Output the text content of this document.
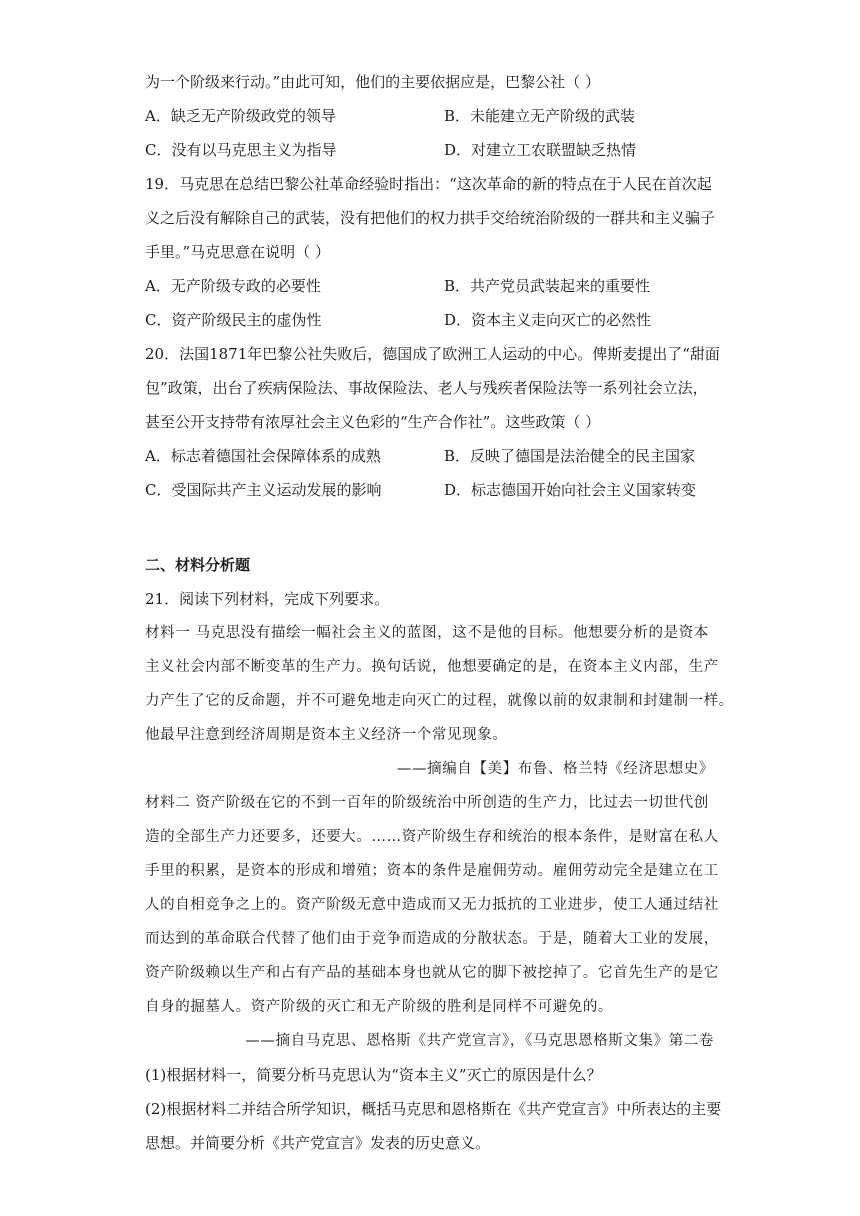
为一个阶级来行动。”由此可知，他们的主要依据应是，巴黎公社（ ）
A．缺乏无产阶级政党的领导	B．未能建立无产阶级的武装
C．没有以马克思主义为指导	D．对建立工农联盟缺乏热情
19．马克思在总结巴黎公社革命经验时指出：“这次革命的新的特点在于人民在首次起
义之后没有解除自己的武装，没有把他们的权力拱手交给统治阶级的一群共和主义骗子
手里。”马克思意在说明（ ）
A．无产阶级专政的必要性	B．共产党员武装起来的重要性
C．资产阶级民主的虚伪性	D．资本主义走向灭亡的必然性
20．法国1871年巴黎公社失败后，德国成了欧洲工人运动的中心。俾斯麦提出了“甜面
包”政策，出台了疾病保险法、事故保险法、老人与残疾者保险法等一系列社会立法，
甚至公开支持带有浓厚社会主义色彩的“生产合作社”。这些政策（ ）
A．标志着德国社会保障体系的成熟	B．反映了德国是法治健全的民主国家
C．受国际共产主义运动发展的影响	D．标志德国开始向社会主义国家转变
二、材料分析题
21．阅读下列材料，完成下列要求。
材料一 马克思没有描绘一幅社会主义的蓝图，这不是他的目标。他想要分析的是资本
主义社会内部不断变革的生产力。换句话说，他想要确定的是，在资本主义内部，生产
力产生了它的反命题，并不可避免地走向灭亡的过程，就像以前的奴隶制和封建制一样。
他最早注意到经济周期是资本主义经济一个常见现象。
——摘编自【美】布鲁、格兰特《经济思想史》
材料二 资产阶级在它的不到一百年的阶级统治中所创造的生产力，比过去一切世代创
造的全部生产力还要多，还要大。……资产阶级生存和统治的根本条件，是财富在私人
手里的积累，是资本的形成和增殖；资本的条件是雇佣劳动。雇佣劳动完全是建立在工
人的自相竞争之上的。资产阶级无意中造成而又无力抵抗的工业进步，使工人通过结社
而达到的革命联合代替了他们由于竞争而造成的分散状态。于是，随着大工业的发展，
资产阶级赖以生产和占有产品的基础本身也就从它的脚下被挖掉了。它首先生产的是它
自身的掘墓人。资产阶级的灭亡和无产阶级的胜利是同样不可避免的。
——摘自马克思、恩格斯《共产党宣言》，《马克思恩格斯文集》第二卷
(1)根据材料一，简要分析马克思认为“资本主义”灭亡的原因是什么？
(2)根据材料二并结合所学知识，概括马克思和恩格斯在《共产党宣言》中所表达的主要
思想。并简要分析《共产党宣言》发表的历史意义。
